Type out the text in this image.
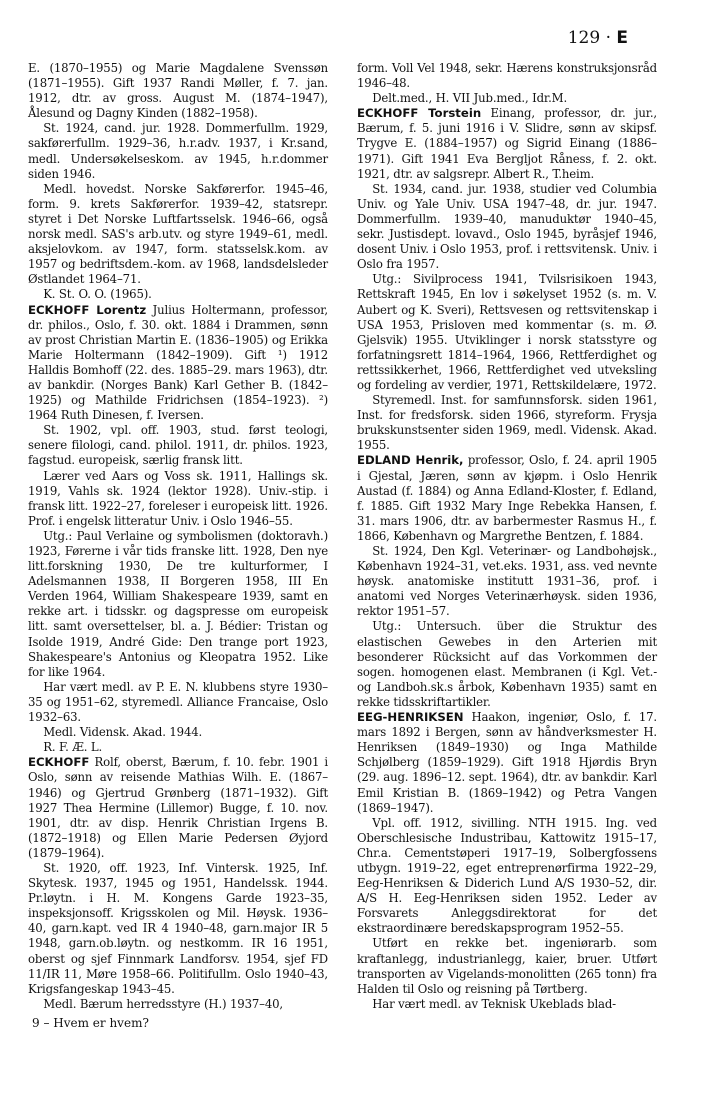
129 · E

E. (1870–1955) og Marie Magdalene Svenssøn (1871–1955). Gift 1937 Randi Møller, f. 7. jan. 1912, dtr. av gross. August M. (1874–1947), Ålesund og Dagny Kinden (1882–1958).

St. 1924, cand. jur. 1928. Dommerfullm. 1929, sakførerfullm. 1929–36, h.r.adv. 1937, i Kr.sand, medl. Undersøkelseskom. av 1945, h.r.dommer siden 1946.

Medl. hovedst. Norske Sakførerfor. 1945–46, form. 9. krets Sakførerfor. 1939–42, statsrepr. styret i Det Norske Luftfartsselsk. 1946–66, også norsk medl. SAS's arb.utv. og styre 1949–61, medl. aksjelovkom. av 1947, form. statsselsk.kom. av 1957 og bedriftsdem.-kom. av 1968, landsdelsleder Østlandet 1964–71.

K. St. O. O. (1965).

ECKHOFF Lorentz Julius Holtermann, professor, dr. philos., Oslo, f. 30. okt. 1884 i Drammen, sønn av prost Christian Martin E. (1836–1905) og Erikka Marie Holtermann (1842–1909). Gift ¹) 1912 Halldis Bomhoff (22. des. 1885–29. mars 1963), dtr. av bankdir. (Norges Bank) Karl Gether B. (1842–1925) og Mathilde Fridrichsen (1854–1923). ²) 1964 Ruth Dinesen, f. Iversen.

St. 1902, vpl. off. 1903, stud. først teologi, senere filologi, cand. philol. 1911, dr. philos. 1923, fagstud. europeisk, særlig fransk litt.

Lærer ved Aars og Voss sk. 1911, Hallings sk. 1919, Vahls sk. 1924 (lektor 1928). Univ.-stip. i fransk litt. 1922–27, foreleser i europeisk litt. 1926. Prof. i engelsk litteratur Univ. i Oslo 1946–55.

Utg.: Paul Verlaine og symbolismen (doktoravh.) 1923, Førerne i vår tids franske litt. 1928, Den nye litt.forskning 1930, De tre kulturformer, I Adelsmannen 1938, II Borgeren 1958, III En Verden 1964, William Shakespeare 1939, samt en rekke art. i tidsskr. og dagspresse om europeisk litt. samt oversettelser, bl. a. J. Bédier: Tristan og Isolde 1919, André Gide: Den trange port 1923, Shakespeare's Antonius og Kleopatra 1952. Like for like 1964.

Har vært medl. av P. E. N. klubbens styre 1930–35 og 1951–62, styremedl. Alliance Francaise, Oslo 1932–63.

Medl. Vidensk. Akad. 1944.

R. F. Æ. L.

ECKHOFF Rolf, oberst, Bærum, f. 10. febr. 1901 i Oslo, sønn av reisende Mathias Wilh. E. (1867–1946) og Gjertrud Grønberg (1871–1932). Gift 1927 Thea Hermine (Lillemor) Bugge, f. 10. nov. 1901, dtr. av disp. Henrik Christian Irgens B. (1872–1918) og Ellen Marie Pedersen Øyjord (1879–1964).

St. 1920, off. 1923, Inf. Vintersk. 1925, Inf. Skytesk. 1937, 1945 og 1951, Handelssk. 1944. Pr.løytn. i H. M. Kongens Garde 1923–35, inspeksjonsoff. Krigsskolen og Mil. Høysk. 1936–40, garn.kapt. ved IR 4 1940–48, garn.major IR 5 1948, garn.ob.løytn. og nestkomm. IR 16 1951, oberst og sjef Finnmark Landforsv. 1954, sjef FD 11/IR 11, Møre 1958–66. Politifullm. Oslo 1940–43, Krigsfangeskap 1943–45.

Medl. Bærum herredsstyre (H.) 1937–40,

form. Voll Vel 1948, sekr. Hærens konstruksjonsråd 1946–48.

Delt.med., H. VII Jub.med., Idr.M.

ECKHOFF Torstein Einang, professor, dr. jur., Bærum, f. 5. juni 1916 i V. Slidre, sønn av skipsf. Trygve E. (1884–1957) og Sigrid Einang (1886–1971). Gift 1941 Eva Bergljot Råness, f. 2. okt. 1921, dtr. av salgsrepr. Albert R., T.heim.

St. 1934, cand. jur. 1938, studier ved Columbia Univ. og Yale Univ. USA 1947–48, dr. jur. 1947. Dommerfullm. 1939–40, manuduktør 1940–45, sekr. Justisdept. lovavd., Oslo 1945, byråsjef 1946, dosent Univ. i Oslo 1953, prof. i rettsvitensk. Univ. i Oslo fra 1957.

Utg.: Sivilprocess 1941, Tvilsrisikoen 1943, Rettskraft 1945, En lov i søkelyset 1952 (s. m. V. Aubert og K. Sveri), Rettsvesen og rettsvitenskap i USA 1953, Prisloven med kommentar (s. m. Ø. Gjelsvik) 1955. Utviklinger i norsk statsstyre og forfatningsrett 1814–1964, 1966, Rettferdighet og rettssikkerhet, 1966, Rettferdighet ved utveksling og fordeling av verdier, 1971, Rettskildelære, 1972.

Styremedl. Inst. for samfunnsforsk. siden 1961, Inst. for fredsforsk. siden 1966, styreform. Frysja brukskunstsenter siden 1969, medl. Vidensk. Akad. 1955.

EDLAND Henrik, professor, Oslo, f. 24. april 1905 i Gjestal, Jæren, sønn av kjøpm. i Oslo Henrik Austad (f. 1884) og Anna Edland-Kloster, f. Edland, f. 1885. Gift 1932 Mary Inge Rebekka Hansen, f. 31. mars 1906, dtr. av barbermester Rasmus H., f. 1866, København og Margrethe Bentzen, f. 1884.

St. 1924, Den Kgl. Veterinær- og Landbohøjsk., København 1924–31, vet.eks. 1931, ass. ved nevnte høysk. anatomiske institutt 1931–36, prof. i anatomi ved Norges Veterinærhøysk. siden 1936, rektor 1951–57.

Utg.: Untersuch. über die Struktur des elastischen Gewebes in den Arterien mit besonderer Rücksicht auf das Vorkommen der sogen. homogenen elast. Membranen (i Kgl. Vet.- og Landboh.sk.s årbok, København 1935) samt en rekke tidsskriftartikler.

EEG-HENRIKSEN Haakon, ingeniør, Oslo, f. 17. mars 1892 i Bergen, sønn av håndverksmester H. Henriksen (1849–1930) og Inga Mathilde Schjølberg (1859–1929). Gift 1918 Hjørdis Bryn (29. aug. 1896–12. sept. 1964), dtr. av bankdir. Karl Emil Kristian B. (1869–1942) og Petra Vangen (1869–1947).

Vpl. off. 1912, sivilling. NTH 1915. Ing. ved Oberschlesische Industribau, Kattowitz 1915–17, Chr.a. Cementstøperi 1917–19, Solbergfossens utbygn. 1919–22, eget entreprenørfirma 1922–29, Eeg-Henriksen & Diderich Lund A/S 1930–52, dir. A/S H. Eeg-Henriksen siden 1952. Leder av Forsvarets Anleggsdirektorat for det ekstraordinære beredskapsprogram 1952–55.

Utført en rekke bet. ingeniørarb. som kraftanlegg, industrianlegg, kaier, bruer. Utført transporten av Vigelands-monolitten (265 tonn) fra Halden til Oslo og reisning på Tørtberg.

Har vært medl. av Teknisk Ukeblads blad-

9 – Hvem er hvem?
